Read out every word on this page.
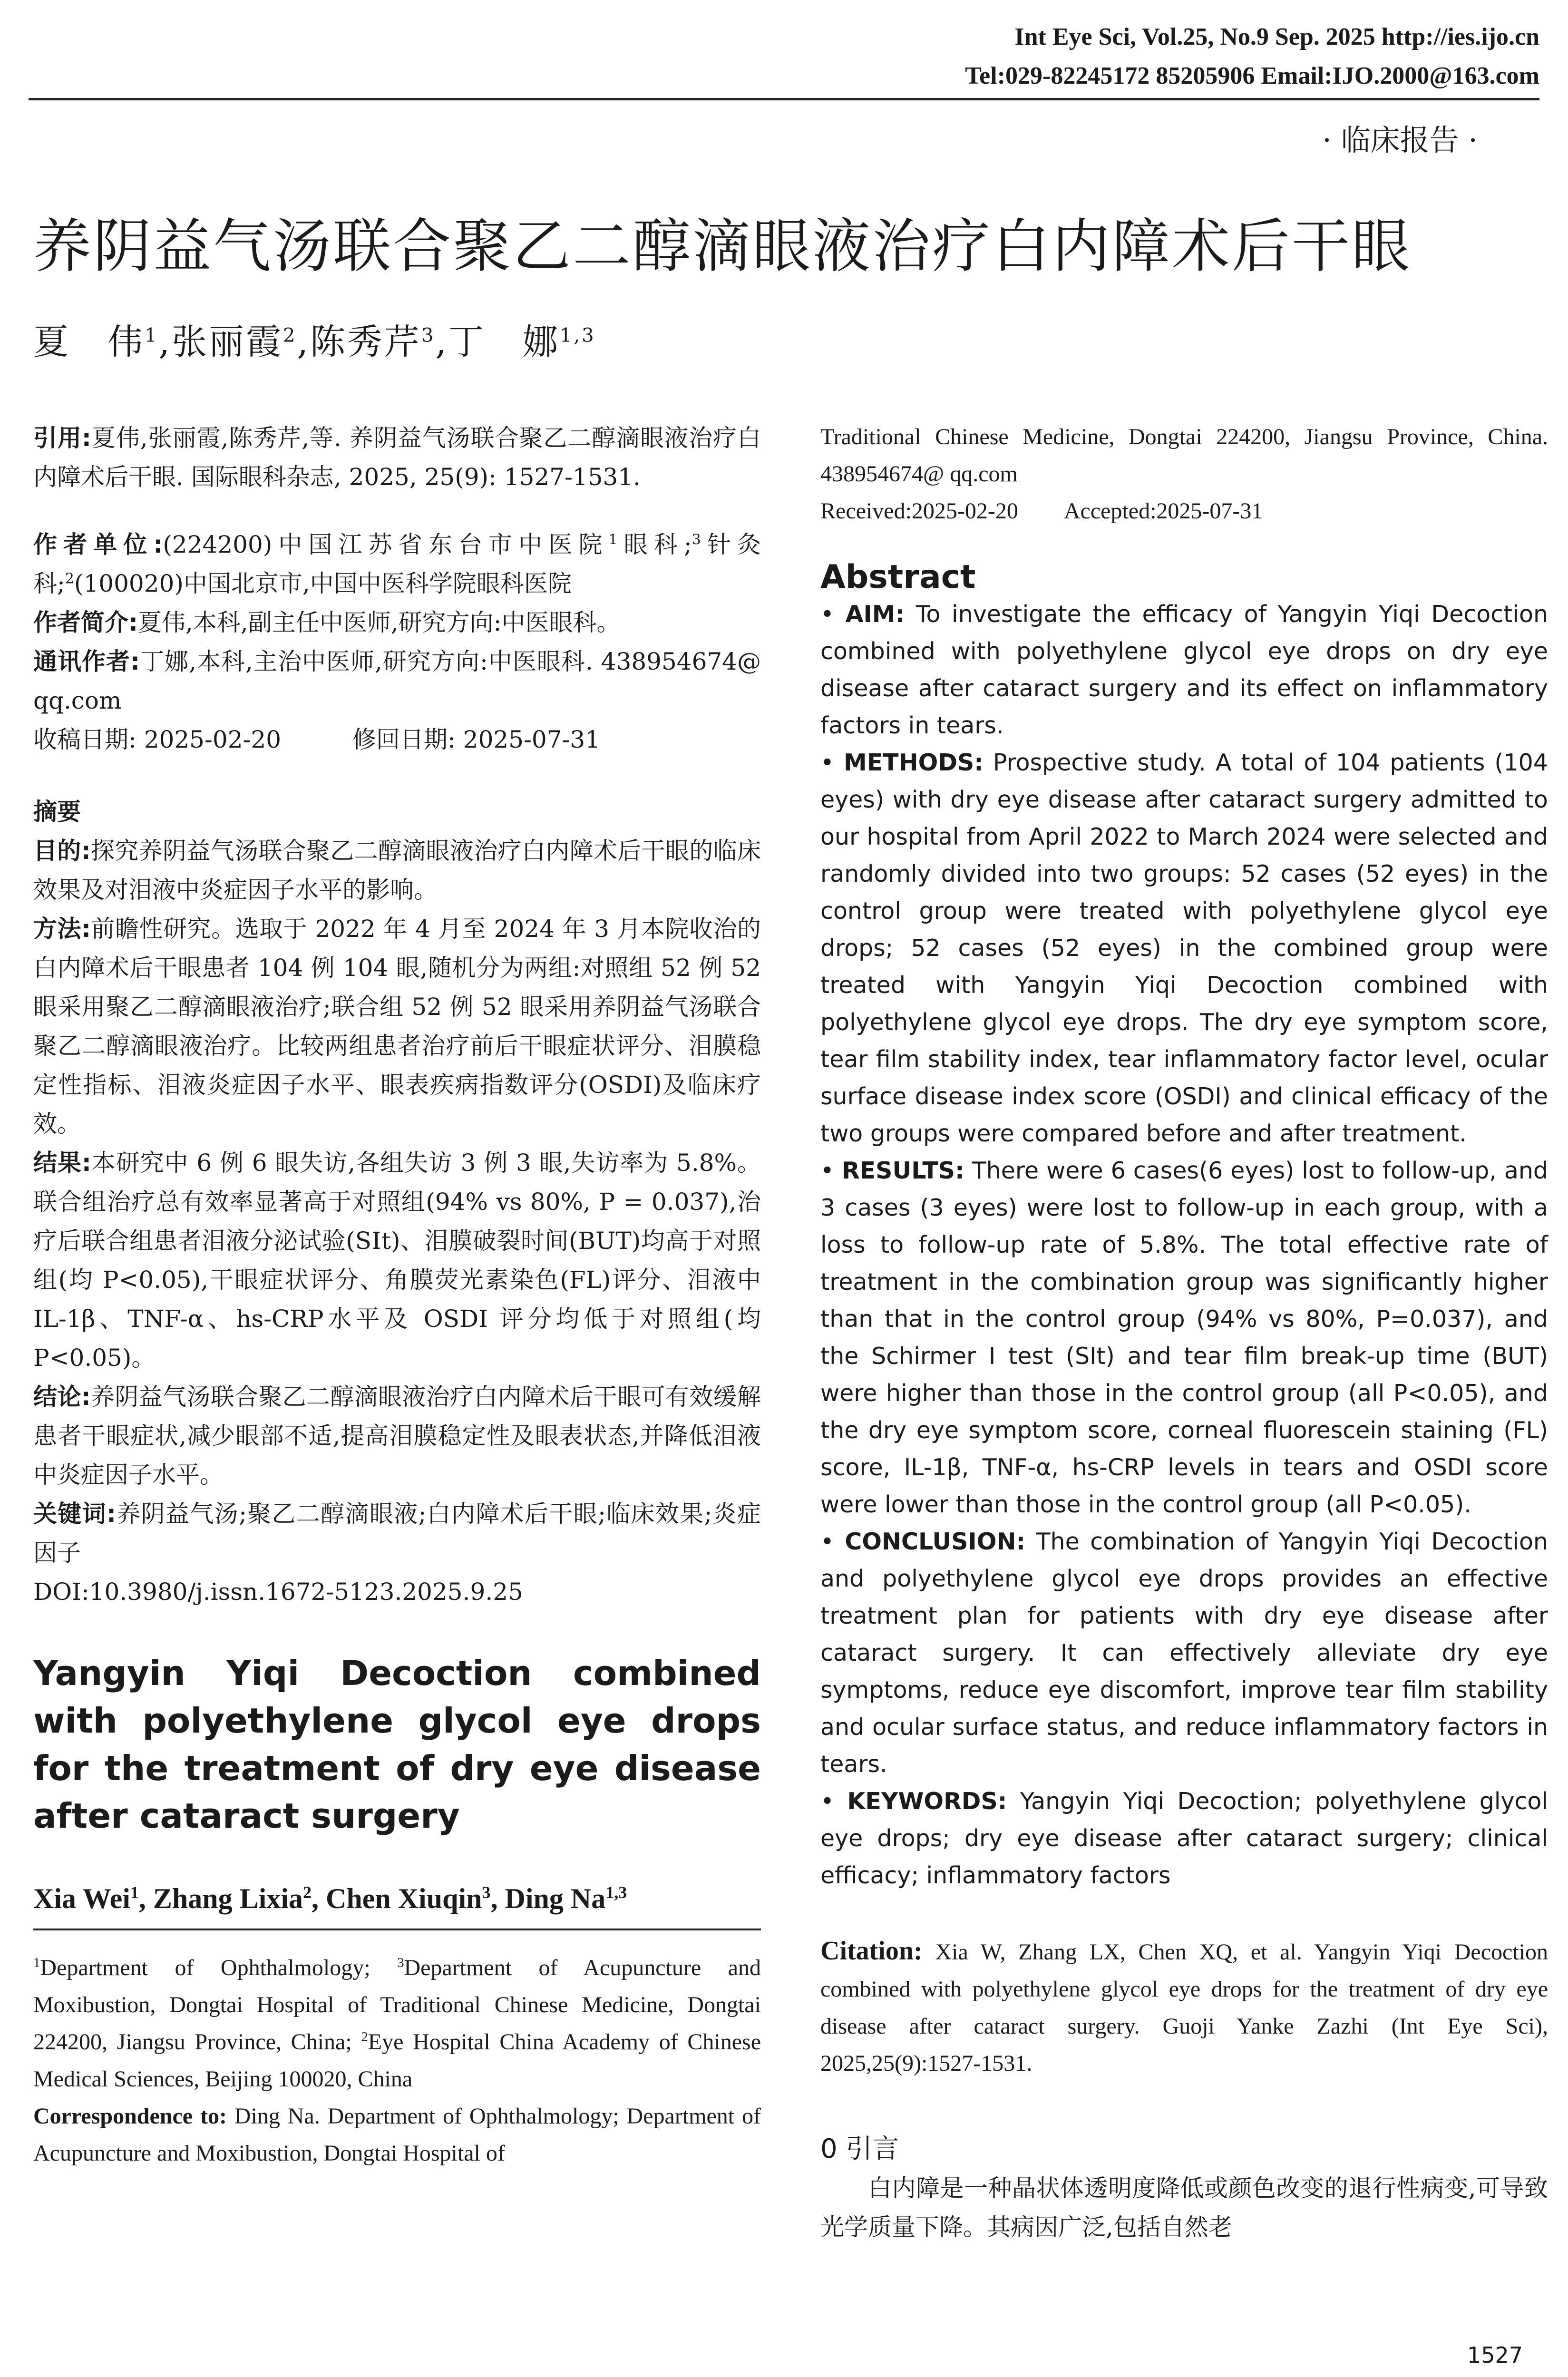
Int Eye Sci, Vol.25, No.9 Sep. 2025 http://ies.ijo.cn
Tel:029-82245172 85205906 Email:IJO.2000@163.com
· 临床报告 ·
养阴益气汤联合聚乙二醇滴眼液治疗白内障术后干眼
夏　伟$^1$,张丽霞$^2$,陈秀芹$^3$,丁　娜$^{1,3}$

引用:夏伟,张丽霞,陈秀芹,等. 养阴益气汤联合聚乙二醇滴眼液治疗白内障术后干眼. 国际眼科杂志, 2025, 25(9): 1527-1531.

作者单位:(224200)中国江苏省东台市中医院$^1$眼科;$^3$针灸科;$^2$(100020)中国北京市,中国中医科学院眼科医院

作者简介:夏伟,本科,副主任中医师,研究方向:中医眼科。

通讯作者:丁娜,本科,主治中医师,研究方向:中医眼科. 438954674@ qq.com

收稿日期: 2025-02-20　　　修回日期: 2025-07-31

摘要

目的:探究养阴益气汤联合聚乙二醇滴眼液治疗白内障术后干眼的临床效果及对泪液中炎症因子水平的影响。

方法:前瞻性研究。选取于 2022 年 4 月至 2024 年 3 月本院收治的白内障术后干眼患者 104 例 104 眼,随机分为两组:对照组 52 例 52 眼采用聚乙二醇滴眼液治疗;联合组 52 例 52 眼采用养阴益气汤联合聚乙二醇滴眼液治疗。比较两组患者治疗前后干眼症状评分、泪膜稳定性指标、泪液炎症因子水平、眼表疾病指数评分(OSDI)及临床疗效。

结果:本研究中 6 例 6 眼失访,各组失访 3 例 3 眼,失访率为 5.8%。联合组治疗总有效率显著高于对照组(94% vs 80%, P = 0.037),治疗后联合组患者泪液分泌试验(SⅠt)、泪膜破裂时间(BUT)均高于对照组(均 P<0.05),干眼症状评分、角膜荧光素染色(FL)评分、泪液中IL-1β、TNF-α、hs-CRP水平及 OSDI 评分均低于对照组(均 P<0.05)。

结论:养阴益气汤联合聚乙二醇滴眼液治疗白内障术后干眼可有效缓解患者干眼症状,减少眼部不适,提高泪膜稳定性及眼表状态,并降低泪液中炎症因子水平。

关键词:养阴益气汤;聚乙二醇滴眼液;白内障术后干眼;临床效果;炎症因子

DOI:10.3980/j.issn.1672-5123.2025.9.25

Yangyin Yiqi Decoction combined with polyethylene glycol eye drops for the treatment of dry eye disease after cataract surgery

Xia Wei$^1$, Zhang Lixia$^2$, Chen Xiuqin$^3$, Ding Na$^{1,3}$

$^1$Department of Ophthalmology; $^3$Department of Acupuncture and Moxibustion, Dongtai Hospital of Traditional Chinese Medicine, Dongtai 224200, Jiangsu Province, China; $^2$Eye Hospital China Academy of Chinese Medical Sciences, Beijing 100020, China

Correspondence to: Ding Na. Department of Ophthalmology; Department of Acupuncture and Moxibustion, Dongtai Hospital of

Traditional Chinese Medicine, Dongtai 224200, Jiangsu Province, China. 438954674@ qq.com

Received:2025-02-20　　Accepted:2025-07-31

Abstract

• AIM: To investigate the efficacy of Yangyin Yiqi Decoction combined with polyethylene glycol eye drops on dry eye disease after cataract surgery and its effect on inflammatory factors in tears.

• METHODS: Prospective study. A total of 104 patients (104 eyes) with dry eye disease after cataract surgery admitted to our hospital from April 2022 to March 2024 were selected and randomly divided into two groups: 52 cases (52 eyes) in the control group were treated with polyethylene glycol eye drops; 52 cases (52 eyes) in the combined group were treated with Yangyin Yiqi Decoction combined with polyethylene glycol eye drops. The dry eye symptom score, tear film stability index, tear inflammatory factor level, ocular surface disease index score (OSDI) and clinical efficacy of the two groups were compared before and after treatment.

• RESULTS: There were 6 cases(6 eyes) lost to follow-up, and 3 cases (3 eyes) were lost to follow-up in each group, with a loss to follow-up rate of 5.8%. The total effective rate of treatment in the combination group was significantly higher than that in the control group (94% vs 80%, P=0.037), and the Schirmer I test (SIt) and tear film break-up time (BUT) were higher than those in the control group (all P<0.05), and the dry eye symptom score, corneal fluorescein staining (FL) score, IL-1β, TNF-α, hs-CRP levels in tears and OSDI score were lower than those in the control group (all P<0.05).

• CONCLUSION: The combination of Yangyin Yiqi Decoction and polyethylene glycol eye drops provides an effective treatment plan for patients with dry eye disease after cataract surgery. It can effectively alleviate dry eye symptoms, reduce eye discomfort, improve tear film stability and ocular surface status, and reduce inflammatory factors in tears.

• KEYWORDS: Yangyin Yiqi Decoction; polyethylene glycol eye drops; dry eye disease after cataract surgery; clinical efficacy; inflammatory factors

Citation: Xia W, Zhang LX, Chen XQ, et al. Yangyin Yiqi Decoction combined with polyethylene glycol eye drops for the treatment of dry eye disease after cataract surgery. Guoji Yanke Zazhi (Int Eye Sci), 2025,25(9):1527-1531.

0 引言

白内障是一种晶状体透明度降低或颜色改变的退行性病变,可导致光学质量下降。其病因广泛,包括自然老

1527
